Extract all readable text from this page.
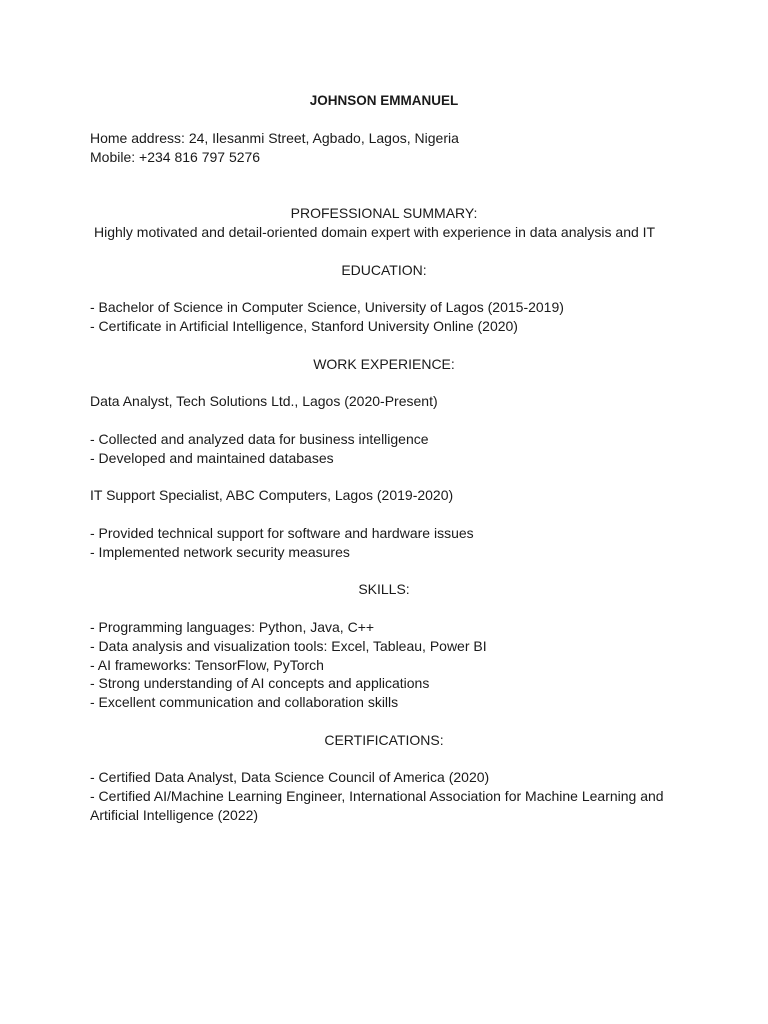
JOHNSON EMMANUEL
Home address: 24, Ilesanmi Street, Agbado, Lagos, Nigeria
Mobile: +234 816 797 5276
PROFESSIONAL SUMMARY:
Highly motivated and detail-oriented domain expert with experience in data analysis and IT
EDUCATION:
- Bachelor of Science in Computer Science, University of Lagos (2015-2019)
- Certificate in Artificial Intelligence, Stanford University Online (2020)
WORK EXPERIENCE:
Data Analyst, Tech Solutions Ltd., Lagos (2020-Present)
- Collected and analyzed data for business intelligence
- Developed and maintained databases
IT Support Specialist, ABC Computers, Lagos (2019-2020)
- Provided technical support for software and hardware issues
- Implemented network security measures
SKILLS:
- Programming languages: Python, Java, C++
- Data analysis and visualization tools: Excel, Tableau, Power BI
- AI frameworks: TensorFlow, PyTorch
- Strong understanding of AI concepts and applications
- Excellent communication and collaboration skills
CERTIFICATIONS:
- Certified Data Analyst, Data Science Council of America (2020)
- Certified AI/Machine Learning Engineer, International Association for Machine Learning and Artificial Intelligence (2022)
